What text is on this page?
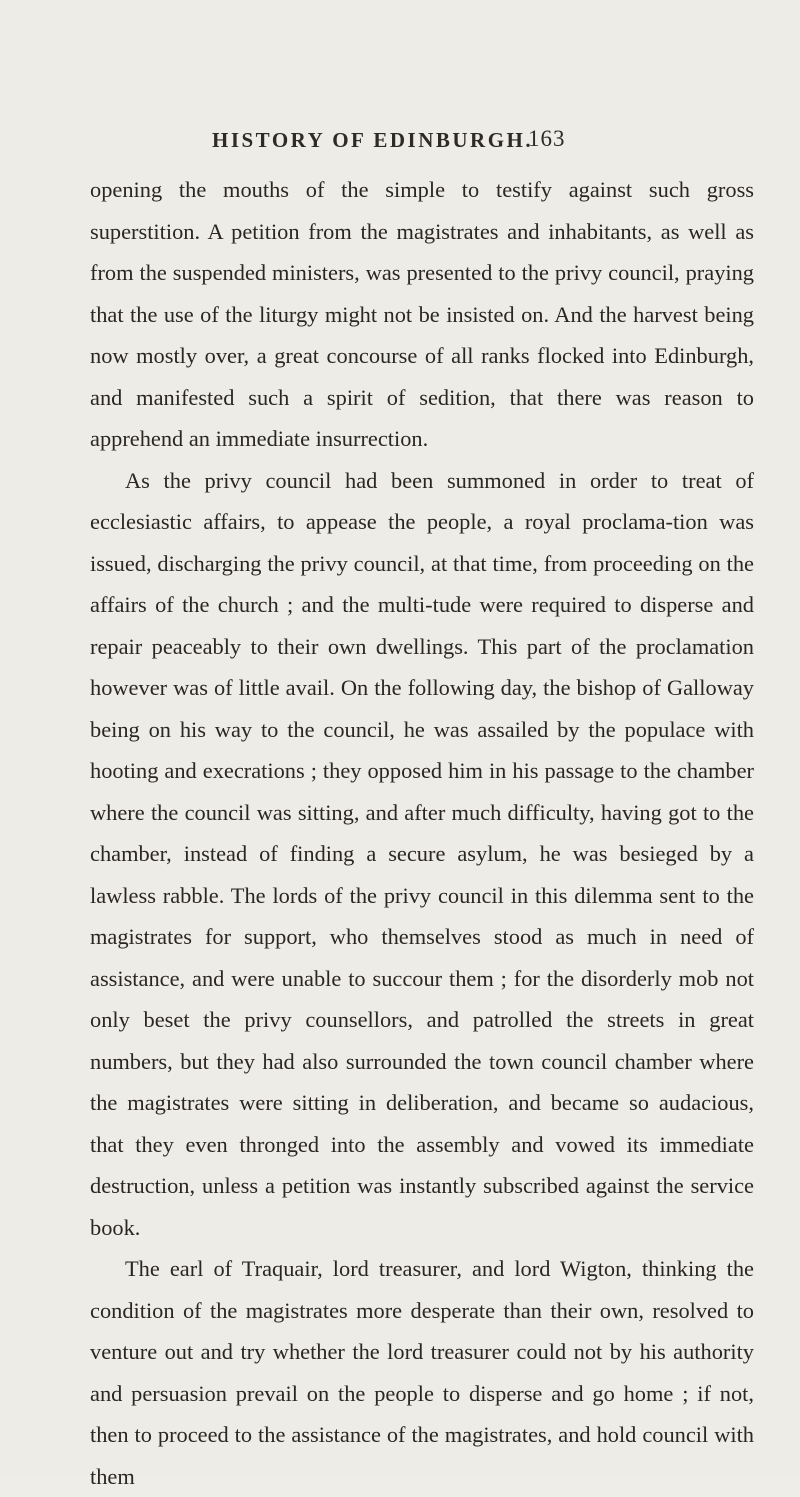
HISTORY OF EDINBURGH.
163

opening the mouths of the simple to testify against such gross superstition. A petition from the magistrates and inhabitants, as well as from the suspended ministers, was presented to the privy council, praying that the use of the liturgy might not be insisted on. And the harvest being now mostly over, a great concourse of all ranks flocked into Edinburgh, and manifested such a spirit of sedition, that there was reason to apprehend an immediate insurrection.

As the privy council had been summoned in order to treat of ecclesiastic affairs, to appease the people, a royal proclama-tion was issued, discharging the privy council, at that time, from proceeding on the affairs of the church ; and the multi-tude were required to disperse and repair peaceably to their own dwellings. This part of the proclamation however was of little avail. On the following day, the bishop of Galloway being on his way to the council, he was assailed by the populace with hooting and execrations ; they opposed him in his passage to the chamber where the council was sitting, and after much difficulty, having got to the chamber, instead of finding a secure asylum, he was besieged by a lawless rabble. The lords of the privy council in this dilemma sent to the magistrates for support, who themselves stood as much in need of assistance, and were unable to succour them ; for the disorderly mob not only beset the privy counsellors, and patrolled the streets in great numbers, but they had also surrounded the town council chamber where the magistrates were sitting in deliberation, and became so audacious, that they even thronged into the assembly and vowed its immediate destruction, unless a petition was instantly subscribed against the service book.

The earl of Traquair, lord treasurer, and lord Wigton, thinking the condition of the magistrates more desperate than their own, resolved to venture out and try whether the lord treasurer could not by his authority and persuasion prevail on the people to disperse and go home ; if not, then to proceed to the assistance of the magistrates, and hold council with them
